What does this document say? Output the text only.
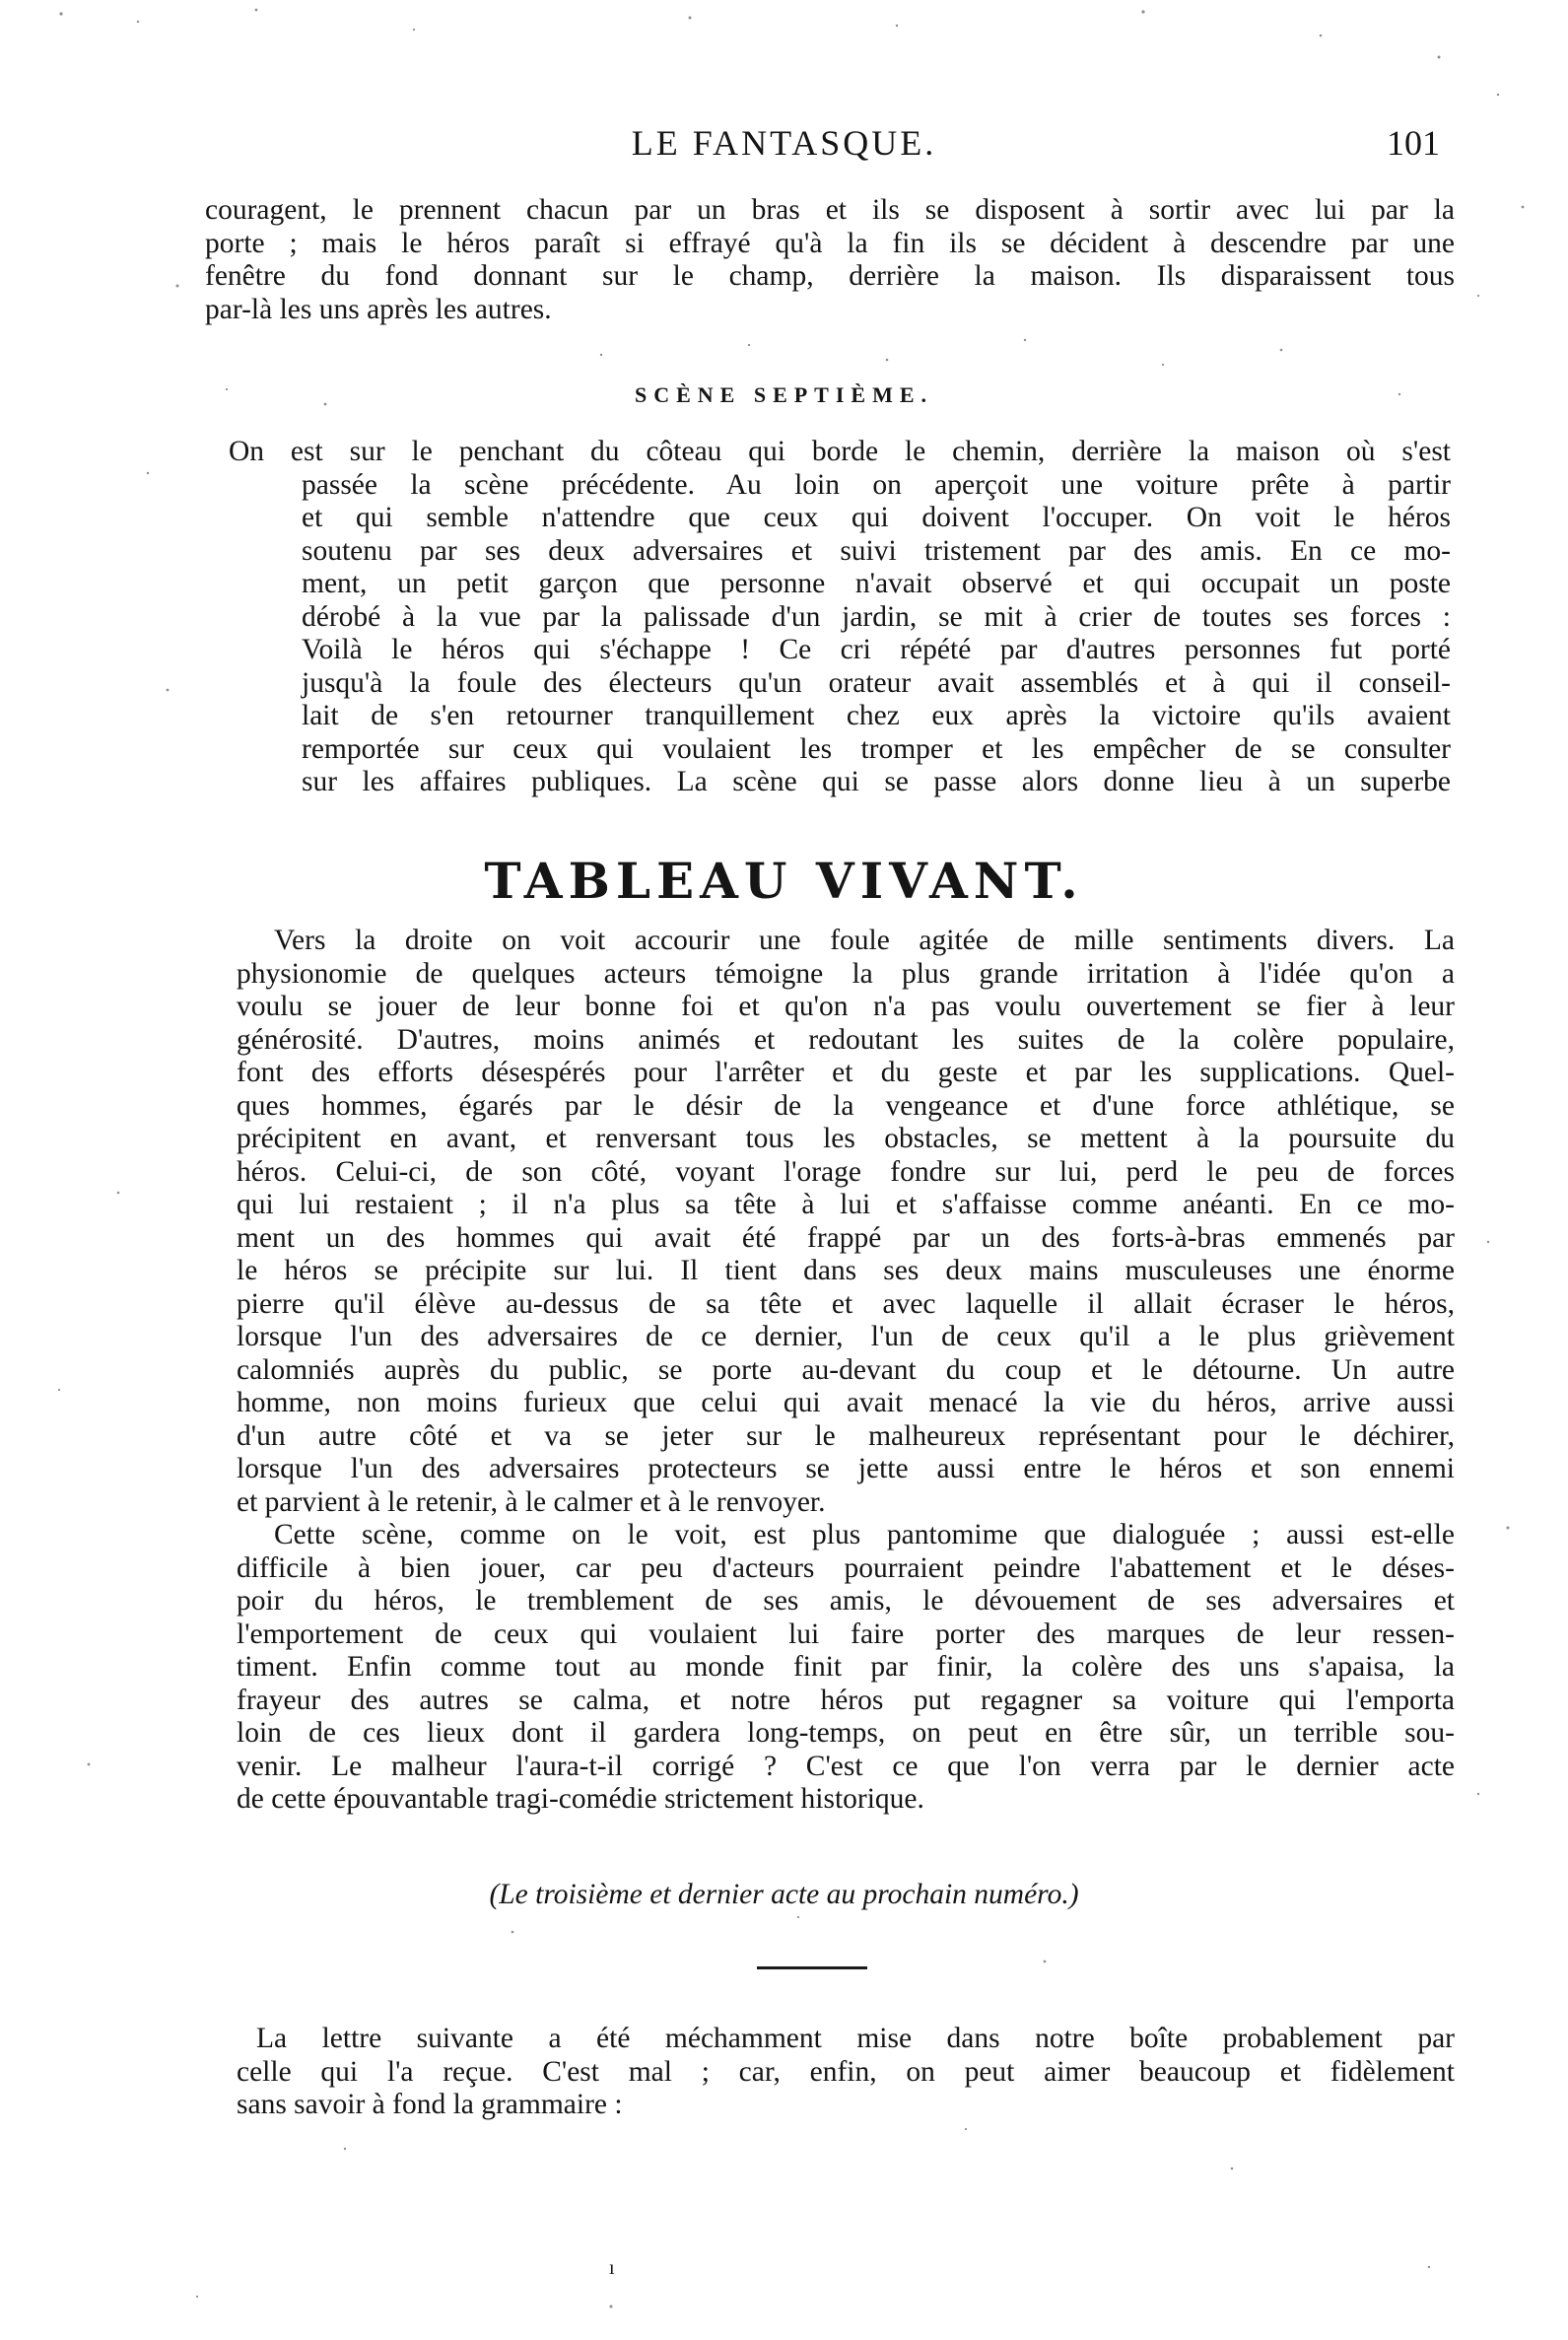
LE FANTASQUE.	101
couragent, le prennent chacun par un bras et ils se disposent à sortir avec lui par la
porte ; mais le héros paraît si effrayé qu'à la fin ils se décident à descendre par une
fenêtre du fond donnant sur le champ, derrière la maison. Ils disparaissent tous
par-là les uns après les autres.
SCÈNE SEPTIÈME.
On est sur le penchant du côteau qui borde le chemin, derrière la maison où s'est
passée la scène précédente. Au loin on aperçoit une voiture prête à partir
et qui semble n'attendre que ceux qui doivent l'occuper. On voit le héros
soutenu par ses deux adversaires et suivi tristement par des amis. En ce mo-
ment, un petit garçon que personne n'avait observé et qui occupait un poste
dérobé à la vue par la palissade d'un jardin, se mit à crier de toutes ses forces :
Voilà le héros qui s'échappe ! Ce cri répété par d'autres personnes fut porté
jusqu'à la foule des électeurs qu'un orateur avait assemblés et à qui il conseil-
lait de s'en retourner tranquillement chez eux après la victoire qu'ils avaient
remportée sur ceux qui voulaient les tromper et les empêcher de se consulter
sur les affaires publiques. La scène qui se passe alors donne lieu à un superbe
TABLEAU VIVANT.
Vers la droite on voit accourir une foule agitée de mille sentiments divers. La
physionomie de quelques acteurs témoigne la plus grande irritation à l'idée qu'on a
voulu se jouer de leur bonne foi et qu'on n'a pas voulu ouvertement se fier à leur
générosité. D'autres, moins animés et redoutant les suites de la colère populaire,
font des efforts désespérés pour l'arrêter et du geste et par les supplications. Quel-
ques hommes, égarés par le désir de la vengeance et d'une force athlétique, se
précipitent en avant, et renversant tous les obstacles, se mettent à la poursuite du
héros. Celui-ci, de son côté, voyant l'orage fondre sur lui, perd le peu de forces
qui lui restaient ; il n'a plus sa tête à lui et s'affaisse comme anéanti. En ce mo-
ment un des hommes qui avait été frappé par un des forts-à-bras emmenés par
le héros se précipite sur lui. Il tient dans ses deux mains musculeuses une énorme
pierre qu'il élève au-dessus de sa tête et avec laquelle il allait écraser le héros,
lorsque l'un des adversaires de ce dernier, l'un de ceux qu'il a le plus grièvement
calomniés auprès du public, se porte au-devant du coup et le détourne. Un autre
homme, non moins furieux que celui qui avait menacé la vie du héros, arrive aussi
d'un autre côté et va se jeter sur le malheureux représentant pour le déchirer,
lorsque l'un des adversaires protecteurs se jette aussi entre le héros et son ennemi
et parvient à le retenir, à le calmer et à le renvoyer.
Cette scène, comme on le voit, est plus pantomime que dialoguée ; aussi est-elle
difficile à bien jouer, car peu d'acteurs pourraient peindre l'abattement et le déses-
poir du héros, le tremblement de ses amis, le dévouement de ses adversaires et
l'emportement de ceux qui voulaient lui faire porter des marques de leur ressen-
timent. Enfin comme tout au monde finit par finir, la colère des uns s'apaisa, la
frayeur des autres se calma, et notre héros put regagner sa voiture qui l'emporta
loin de ces lieux dont il gardera long-temps, on peut en être sûr, un terrible sou-
venir. Le malheur l'aura-t-il corrigé ? C'est ce que l'on verra par le dernier acte
de cette épouvantable tragi-comédie strictement historique.
(Le troisième et dernier acte au prochain numéro.)
La lettre suivante a été méchamment mise dans notre boîte probablement par
celle qui l'a reçue. C'est mal ; car, enfin, on peut aimer beaucoup et fidèlement
sans savoir à fond la grammaire :
ı
